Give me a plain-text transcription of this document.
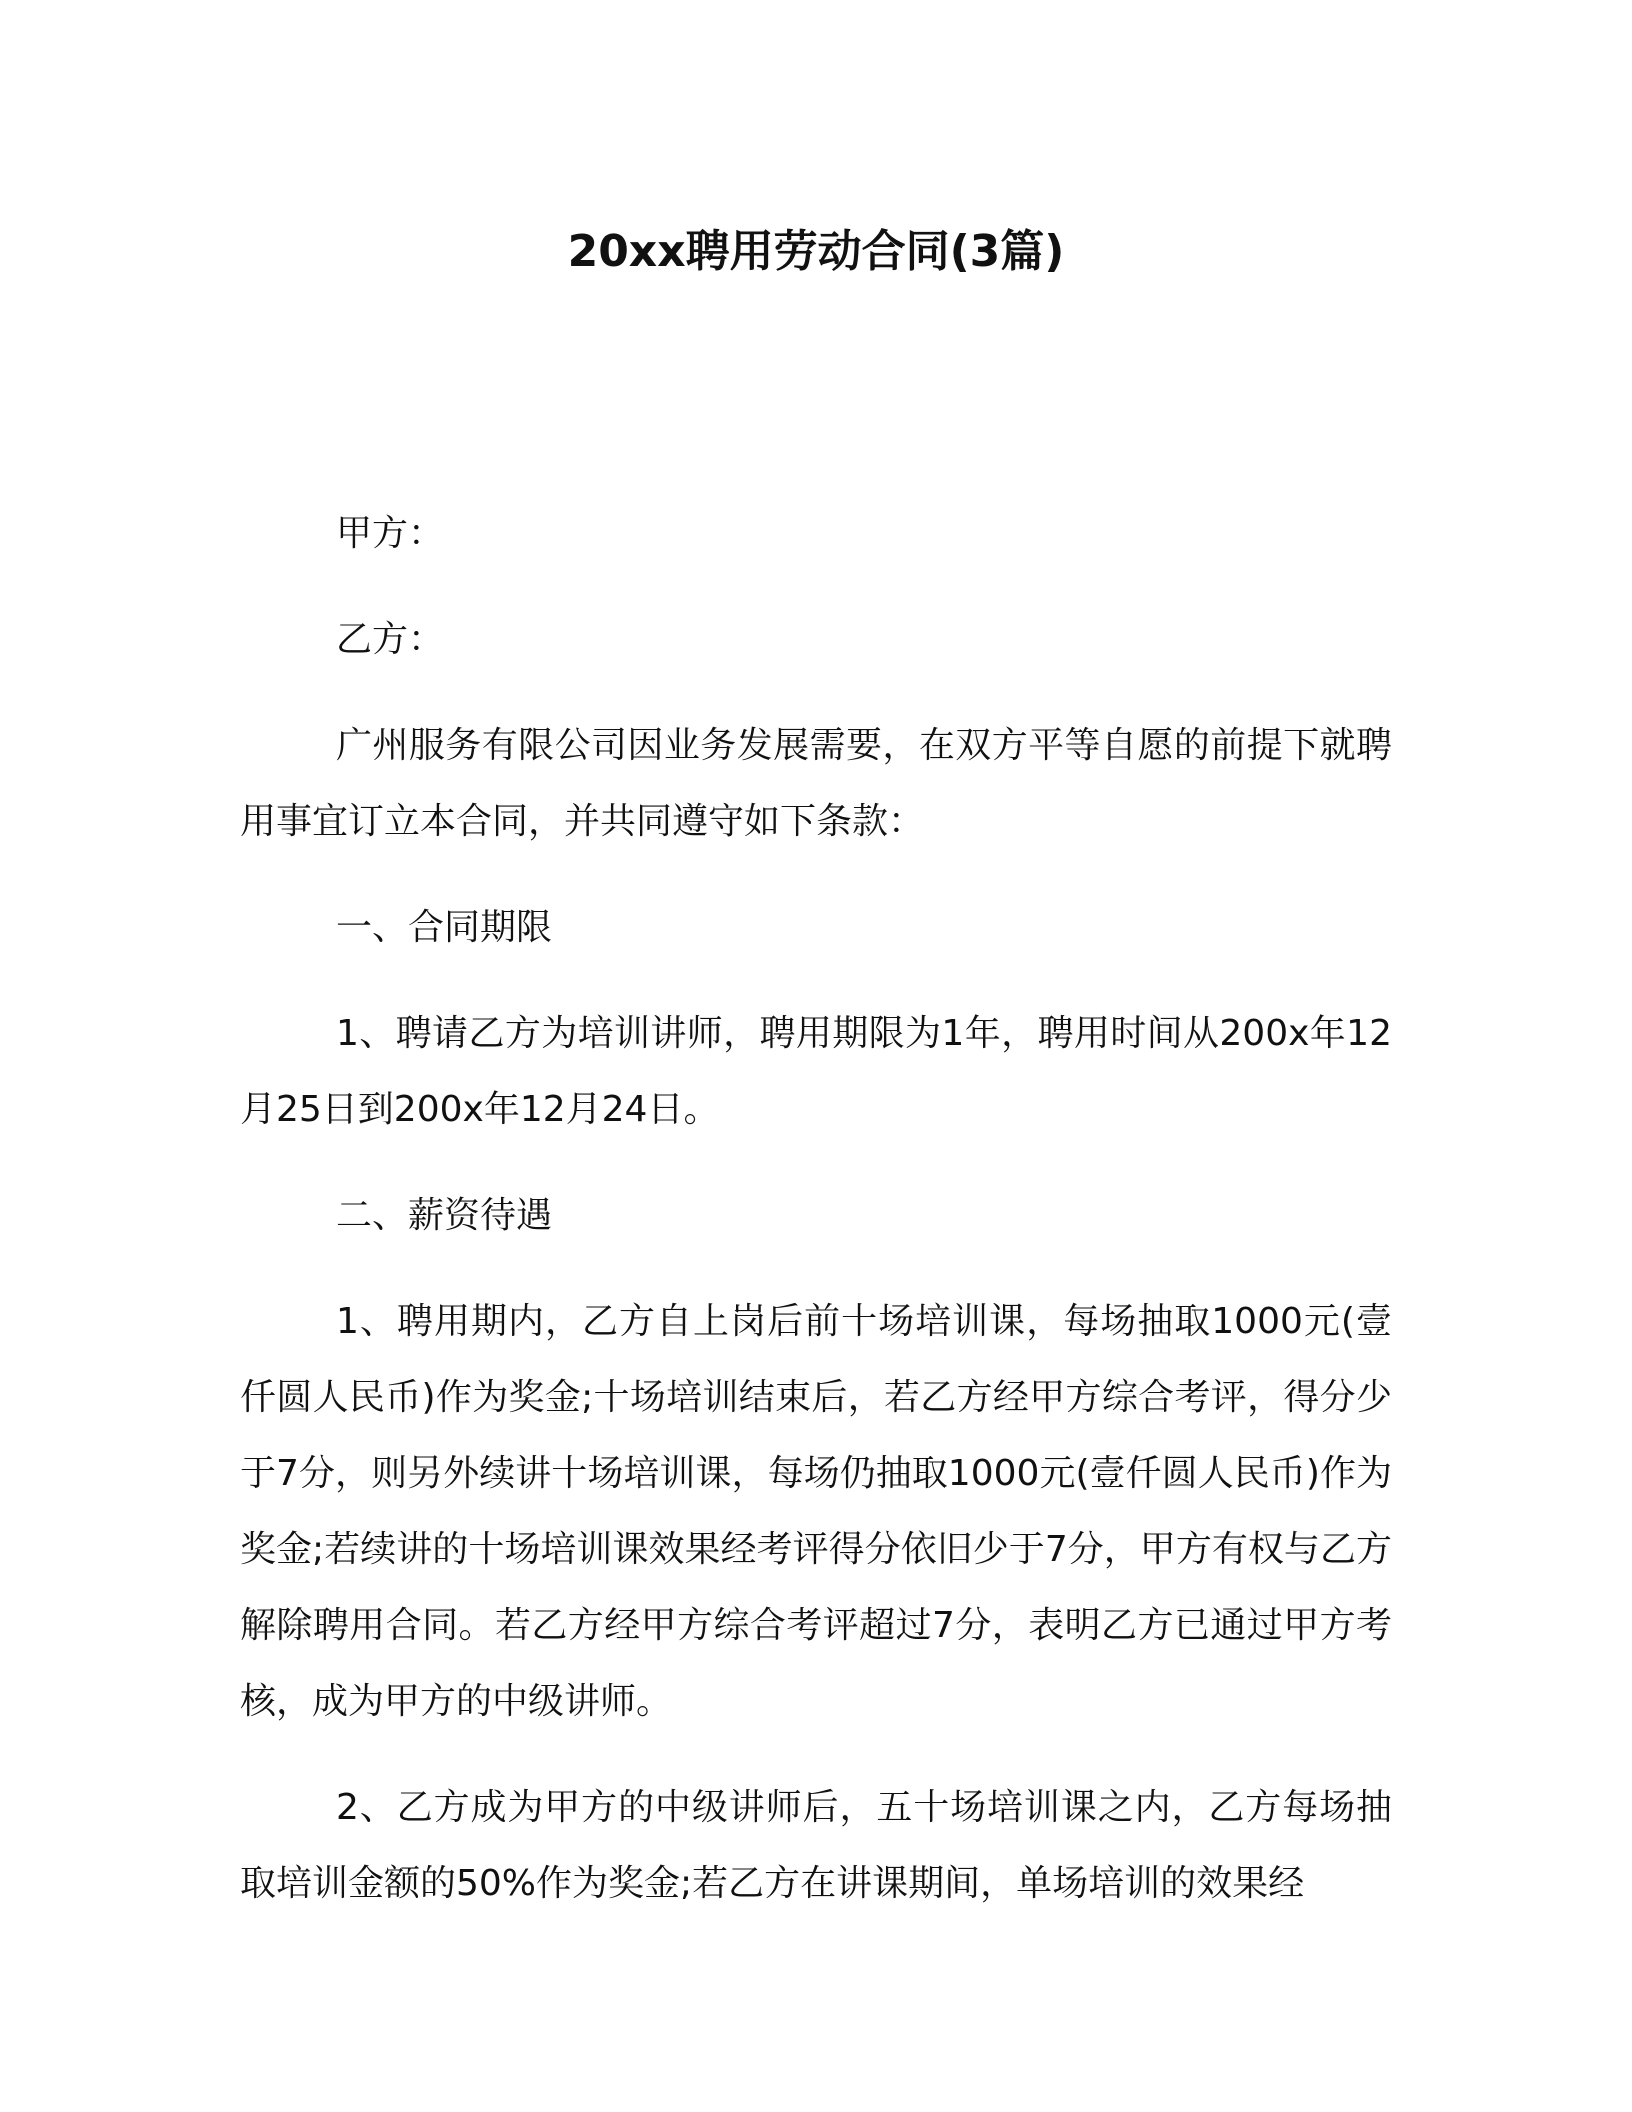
20xx聘用劳动合同(3篇)

甲方：

乙方：

广州服务有限公司因业务发展需要，在双方平等自愿的前提下就聘用事宜订立本合同，并共同遵守如下条款：

一、合同期限

1、聘请乙方为培训讲师，聘用期限为1年，聘用时间从200x年12月25日到200x年12月24日。

二、薪资待遇

1、聘用期内，乙方自上岗后前十场培训课，每场抽取1000元(壹仟圆人民币)作为奖金;十场培训结束后，若乙方经甲方综合考评，得分少于7分，则另外续讲十场培训课，每场仍抽取1000元(壹仟圆人民币)作为奖金;若续讲的十场培训课效果经考评得分依旧少于7分，甲方有权与乙方解除聘用合同。若乙方经甲方综合考评超过7分，表明乙方已通过甲方考核，成为甲方的中级讲师。

2、乙方成为甲方的中级讲师后，五十场培训课之内，乙方每场抽取培训金额的50%作为奖金;若乙方在讲课期间，单场培训的效果经
